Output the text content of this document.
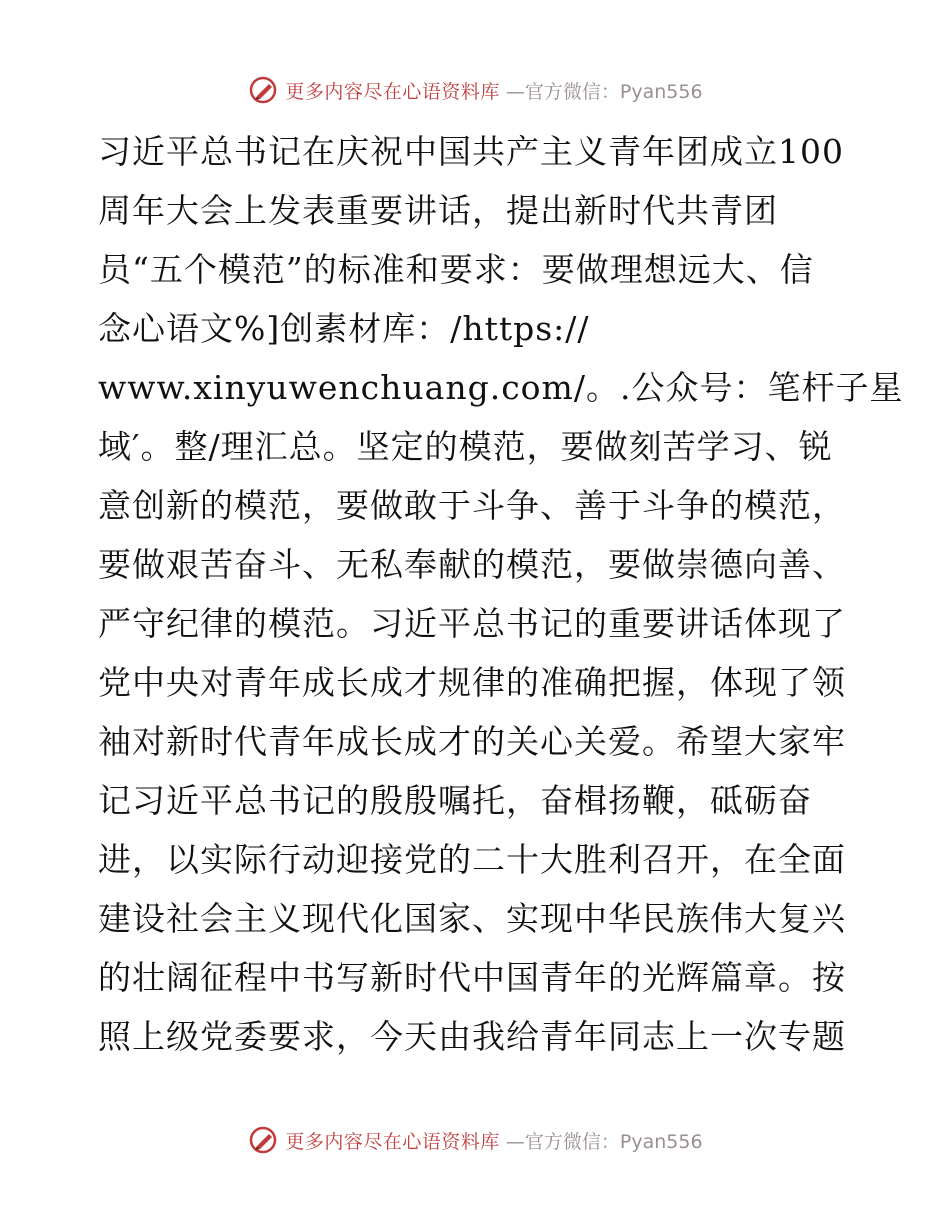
更多内容尽在心语资料库 —官方微信：Pyan556
习近平总书记在庆祝中国共产主义青年团成立100
周年大会上发表重要讲话，提出新时代共青团
员“五个模范”的标准和要求：要做理想远大、信
念心语文%]创素材库：/https://
www.xinyuwenchuang.com/。.公众号：笔杆子星
域′。整/理汇总。坚定的模范，要做刻苦学习、锐
意创新的模范，要做敢于斗争、善于斗争的模范，
要做艰苦奋斗、无私奉献的模范，要做崇德向善、
严守纪律的模范。习近平总书记的重要讲话体现了
党中央对青年成长成才规律的准确把握，体现了领
袖对新时代青年成长成才的关心关爱。希望大家牢
记习近平总书记的殷殷嘱托，奋楫扬鞭，砥砺奋
进，以实际行动迎接党的二十大胜利召开，在全面
建设社会主义现代化国家、实现中华民族伟大复兴
的壮阔征程中书写新时代中国青年的光辉篇章。按
照上级党委要求，今天由我给青年同志上一次专题
更多内容尽在心语资料库 —官方微信：Pyan556
